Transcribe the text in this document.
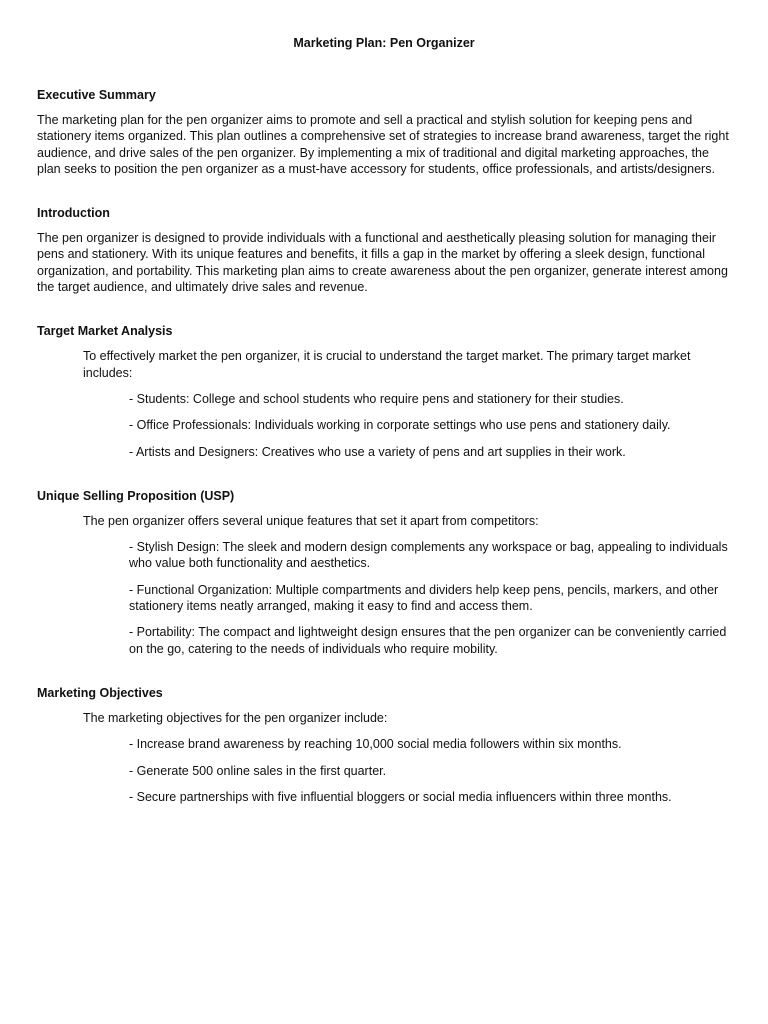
Marketing Plan: Pen Organizer
Executive Summary

The marketing plan for the pen organizer aims to promote and sell a practical and stylish solution for keeping pens and stationery items organized. This plan outlines a comprehensive set of strategies to increase brand awareness, target the right audience, and drive sales of the pen organizer. By implementing a mix of traditional and digital marketing approaches, the plan seeks to position the pen organizer as a must-have accessory for students, office professionals, and artists/designers.

Introduction

The pen organizer is designed to provide individuals with a functional and aesthetically pleasing solution for managing their pens and stationery. With its unique features and benefits, it fills a gap in the market by offering a sleek design, functional organization, and portability. This marketing plan aims to create awareness about the pen organizer, generate interest among the target audience, and ultimately drive sales and revenue.

Target Market Analysis

To effectively market the pen organizer, it is crucial to understand the target market. The primary target market includes:

- Students: College and school students who require pens and stationery for their studies.
- Office Professionals: Individuals working in corporate settings who use pens and stationery daily.
- Artists and Designers: Creatives who use a variety of pens and art supplies in their work.
Unique Selling Proposition (USP)

The pen organizer offers several unique features that set it apart from competitors:

- Stylish Design: The sleek and modern design complements any workspace or bag, appealing to individuals who value both functionality and aesthetics.
- Functional Organization: Multiple compartments and dividers help keep pens, pencils, markers, and other stationery items neatly arranged, making it easy to find and access them.
- Portability: The compact and lightweight design ensures that the pen organizer can be conveniently carried on the go, catering to the needs of individuals who require mobility.
Marketing Objectives

The marketing objectives for the pen organizer include:

- Increase brand awareness by reaching 10,000 social media followers within six months.
- Generate 500 online sales in the first quarter.
- Secure partnerships with five influential bloggers or social media influencers within three months.
